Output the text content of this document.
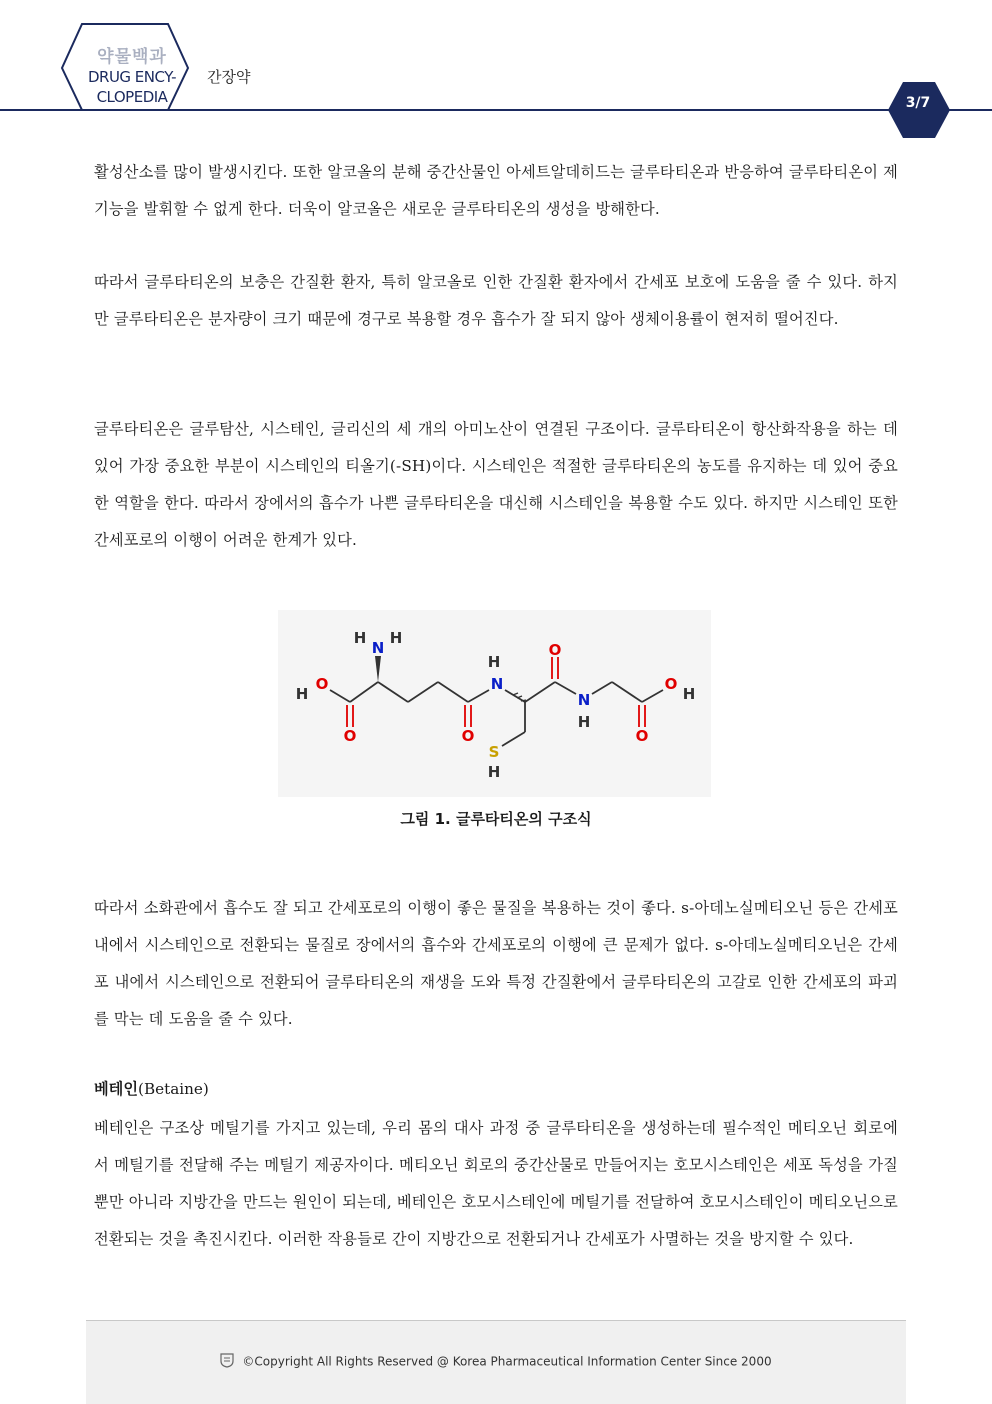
약물백과
DRUG ENCY-
CLOPEDIA
간장약
3/7

활성산소를 많이 발생시킨다. 또한 알코올의 분해 중간산물인 아세트알데히드는 글루타티온과 반응하여 글루타티온이 제 기능을 발휘할 수 없게 한다. 더욱이 알코올은 새로운 글루타티온의 생성을 방해한다.

따라서 글루타티온의 보충은 간질환 환자, 특히 알코올로 인한 간질환 환자에서 간세포 보호에 도움을 줄 수 있다. 하지만 글루타티온은 분자량이 크기 때문에 경구로 복용할 경우 흡수가 잘 되지 않아 생체이용률이 현저히 떨어진다.

글루타티온은 글루탐산, 시스테인, 글리신의 세 개의 아미노산이 연결된 구조이다. 글루타티온이 항산화작용을 하는 데 있어 가장 중요한 부분이 시스테인의 티올기(-SH)이다. 시스테인은 적절한 글루타티온의 농도를 유지하는 데 있어 중요한 역할을 한다. 따라서 장에서의 흡수가 나쁜 글루타티온을 대신해 시스테인을 복용할 수도 있다. 하지만 시스테인 또한 간세포로의 이행이 어려운 한계가 있다.

H
O
O
N
H H
O
N
H
O
N
H
O
O
H
S
H
그림 1. 글루타티온의 구조식

따라서 소화관에서 흡수도 잘 되고 간세포로의 이행이 좋은 물질을 복용하는 것이 좋다. s-아데노실메티오닌 등은 간세포 내에서 시스테인으로 전환되는 물질로 장에서의 흡수와 간세포로의 이행에 큰 문제가 없다. s-아데노실메티오닌은 간세포 내에서 시스테인으로 전환되어 글루타티온의 재생을 도와 특정 간질환에서 글루타티온의 고갈로 인한 간세포의 파괴를 막는 데 도움을 줄 수 있다.

베테인(Betaine)

베테인은 구조상 메틸기를 가지고 있는데, 우리 몸의 대사 과정 중 글루타티온을 생성하는데 필수적인 메티오닌 회로에서 메틸기를 전달해 주는 메틸기 제공자이다. 메티오닌 회로의 중간산물로 만들어지는 호모시스테인은 세포 독성을 가질 뿐만 아니라 지방간을 만드는 원인이 되는데, 베테인은 호모시스테인에 메틸기를 전달하여 호모시스테인이 메티오닌으로 전환되는 것을 촉진시킨다. 이러한 작용들로 간이 지방간으로 전환되거나 간세포가 사멸하는 것을 방지할 수 있다.

©Copyright All Rights Reserved @ Korea Pharmaceutical Information Center Since 2000
